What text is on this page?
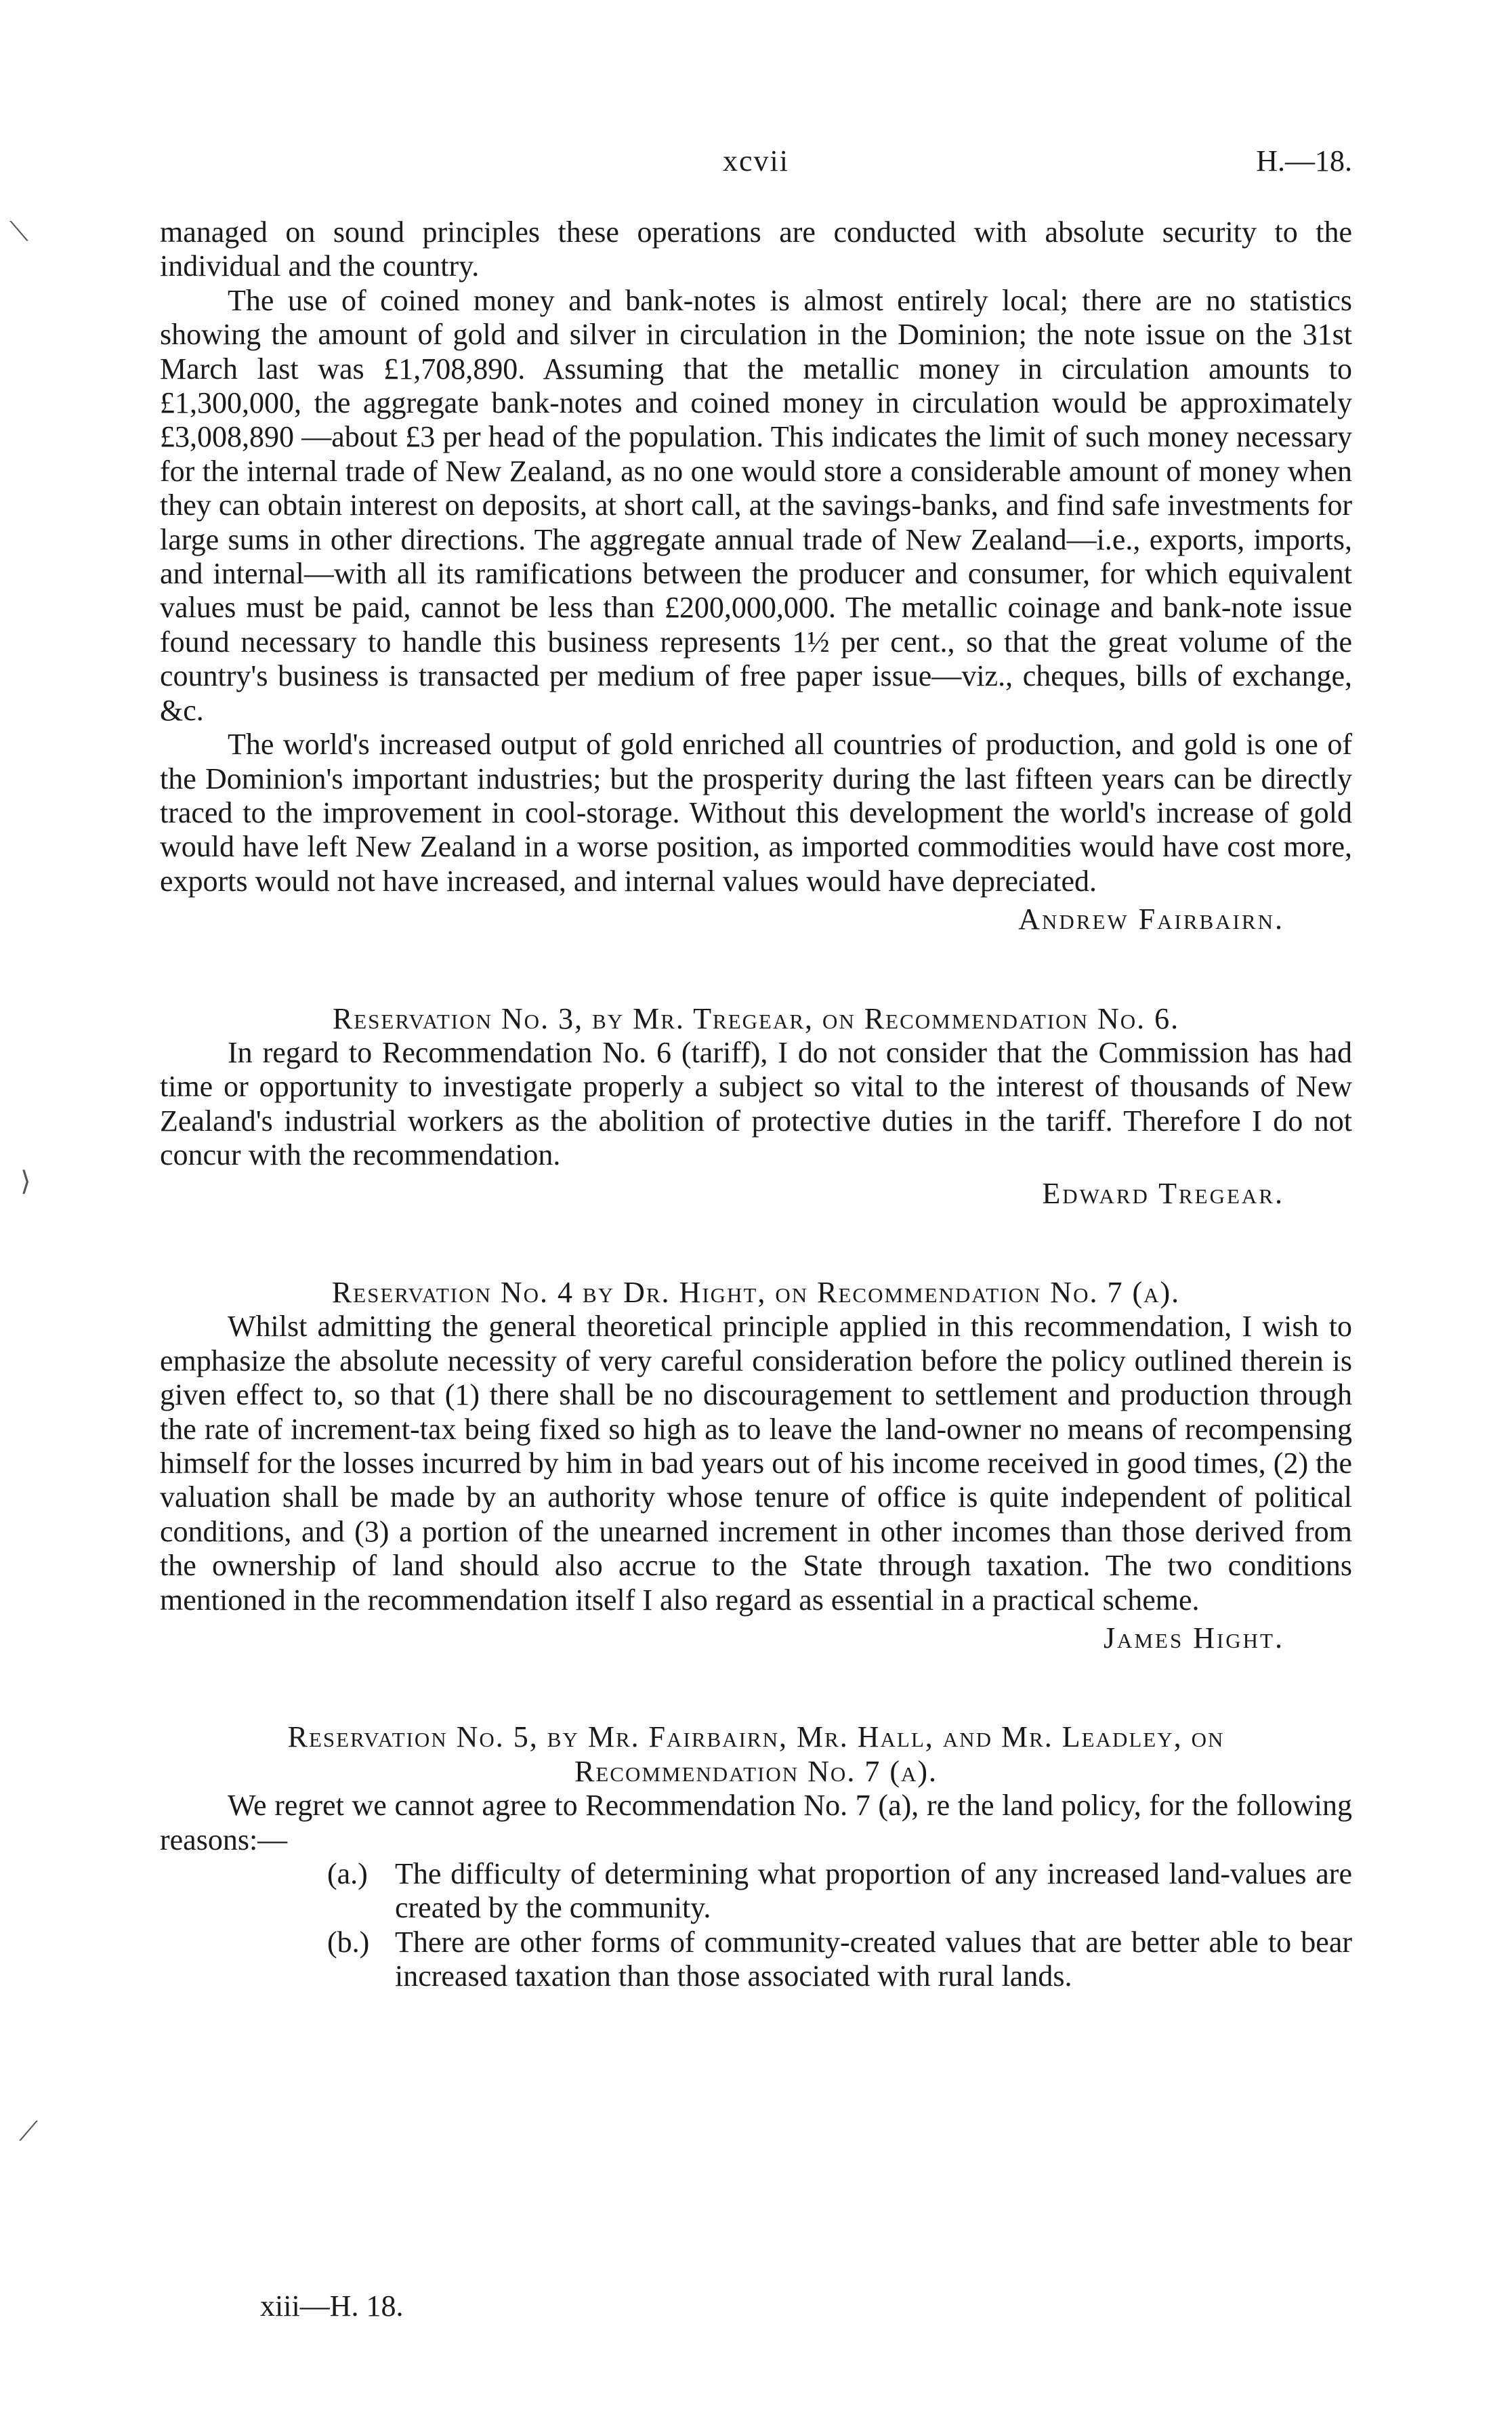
xcvii	H.—18.
⟍
⟩
⟋

managed on sound principles these operations are conducted with absolute security to the individual and the country.

The use of coined money and bank-notes is almost entirely local; there are no statistics showing the amount of gold and silver in circulation in the Dominion; the note issue on the 31st March last was £1,708,890. Assuming that the metallic money in circulation amounts to £1,300,000, the aggregate bank-notes and coined money in circulation would be approximately £3,008,890 —about £3 per head of the population. This indicates the limit of such money necessary for the internal trade of New Zealand, as no one would store a considerable amount of money when they can obtain interest on deposits, at short call, at the savings-banks, and find safe investments for large sums in other directions. The aggregate annual trade of New Zealand—i.e., exports, imports, and internal—with all its ramifications between the producer and consumer, for which equivalent values must be paid, cannot be less than £200,000,000. The metallic coinage and bank-note issue found necessary to handle this business represents 1½ per cent., so that the great volume of the country's business is transacted per medium of free paper issue—viz., cheques, bills of exchange, &c.

The world's increased output of gold enriched all countries of production, and gold is one of the Dominion's important industries; but the prosperity during the last fifteen years can be directly traced to the improvement in cool-storage. Without this development the world's increase of gold would have left New Zealand in a worse position, as imported commodities would have cost more, exports would not have increased, and internal values would have depreciated.

Andrew Fairbairn.
Reservation No. 3, by Mr. Tregear, on Recommendation No. 6.

In regard to Recommendation No. 6 (tariff), I do not consider that the Commission has had time or opportunity to investigate properly a subject so vital to the interest of thousands of New Zealand's industrial workers as the abolition of protective duties in the tariff. Therefore I do not concur with the recommendation.

Edward Tregear.
Reservation No. 4 by Dr. Hight, on Recommendation No. 7 (a).

Whilst admitting the general theoretical principle applied in this recommendation, I wish to emphasize the absolute necessity of very careful consideration before the policy outlined therein is given effect to, so that (1) there shall be no discouragement to settlement and production through the rate of increment-tax being fixed so high as to leave the land-owner no means of recompensing himself for the losses incurred by him in bad years out of his income received in good times, (2) the valuation shall be made by an authority whose tenure of office is quite independent of political conditions, and (3) a portion of the unearned increment in other incomes than those derived from the ownership of land should also accrue to the State through taxation. The two conditions mentioned in the recommendation itself I also regard as essential in a practical scheme.

James Hight.
Reservation No. 5, by Mr. Fairbairn, Mr. Hall, and Mr. Leadley, on
Recommendation No. 7 (a).

We regret we cannot agree to Recommendation No. 7 (a), re the land policy, for the following reasons:—

(a.) The difficulty of determining what proportion of any increased land-values are created by the community.
(b.) There are other forms of community-created values that are better able to bear increased taxation than those associated with rural lands.
xiii—H. 18.
